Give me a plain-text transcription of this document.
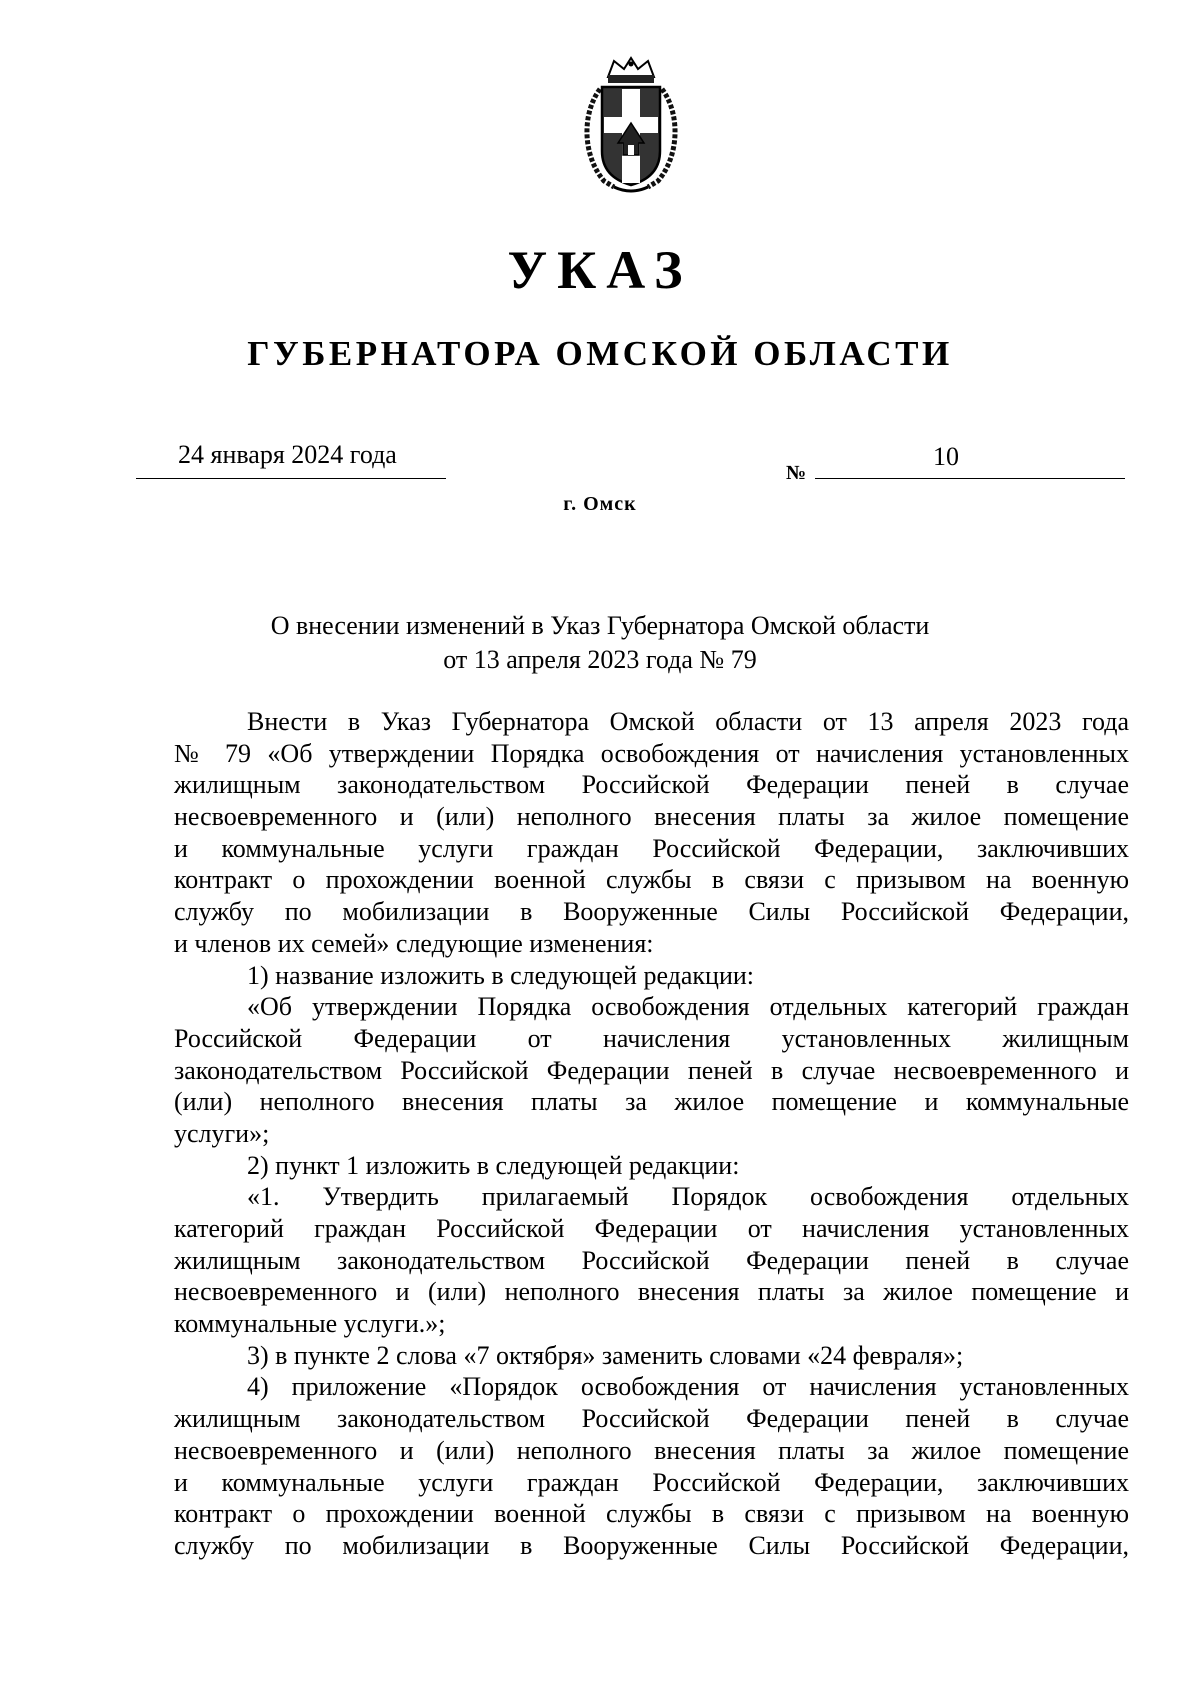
УКАЗ
ГУБЕРНАТОРА ОМСКОЙ ОБЛАСТИ
24 января 2024 года
№
10
г. Омск
О внесении изменений в Указ Губернатора Омской области
от 13 апреля 2023 года № 79
Внести в Указ Губернатора Омской области от 13 апреля 2023 года
№ 79 «Об утверждении Порядка освобождения от начисления установленных
жилищным законодательством Российской Федерации пеней в случае
несвоевременного и (или) неполного внесения платы за жилое помещение
и коммунальные услуги граждан Российской Федерации, заключивших
контракт о прохождении военной службы в связи с призывом на военную
службу по мобилизации в Вооруженные Силы Российской Федерации,
и членов их семей» следующие изменения:
1) название изложить в следующей редакции:
«Об утверждении Порядка освобождения отдельных категорий граждан
Российской Федерации от начисления установленных жилищным
законодательством Российской Федерации пеней в случае несвоевременного и
(или) неполного внесения платы за жилое помещение и коммунальные
услуги»;
2) пункт 1 изложить в следующей редакции:
«1. Утвердить прилагаемый Порядок освобождения отдельных
категорий граждан Российской Федерации от начисления установленных
жилищным законодательством Российской Федерации пеней в случае
несвоевременного и (или) неполного внесения платы за жилое помещение и
коммунальные услуги.»;
3) в пункте 2 слова «7 октября» заменить словами «24 февраля»;
4) приложение «Порядок освобождения от начисления установленных
жилищным законодательством Российской Федерации пеней в случае
несвоевременного и (или) неполного внесения платы за жилое помещение
и коммунальные услуги граждан Российской Федерации, заключивших
контракт о прохождении военной службы в связи с призывом на военную
службу по мобилизации в Вооруженные Силы Российской Федерации,
